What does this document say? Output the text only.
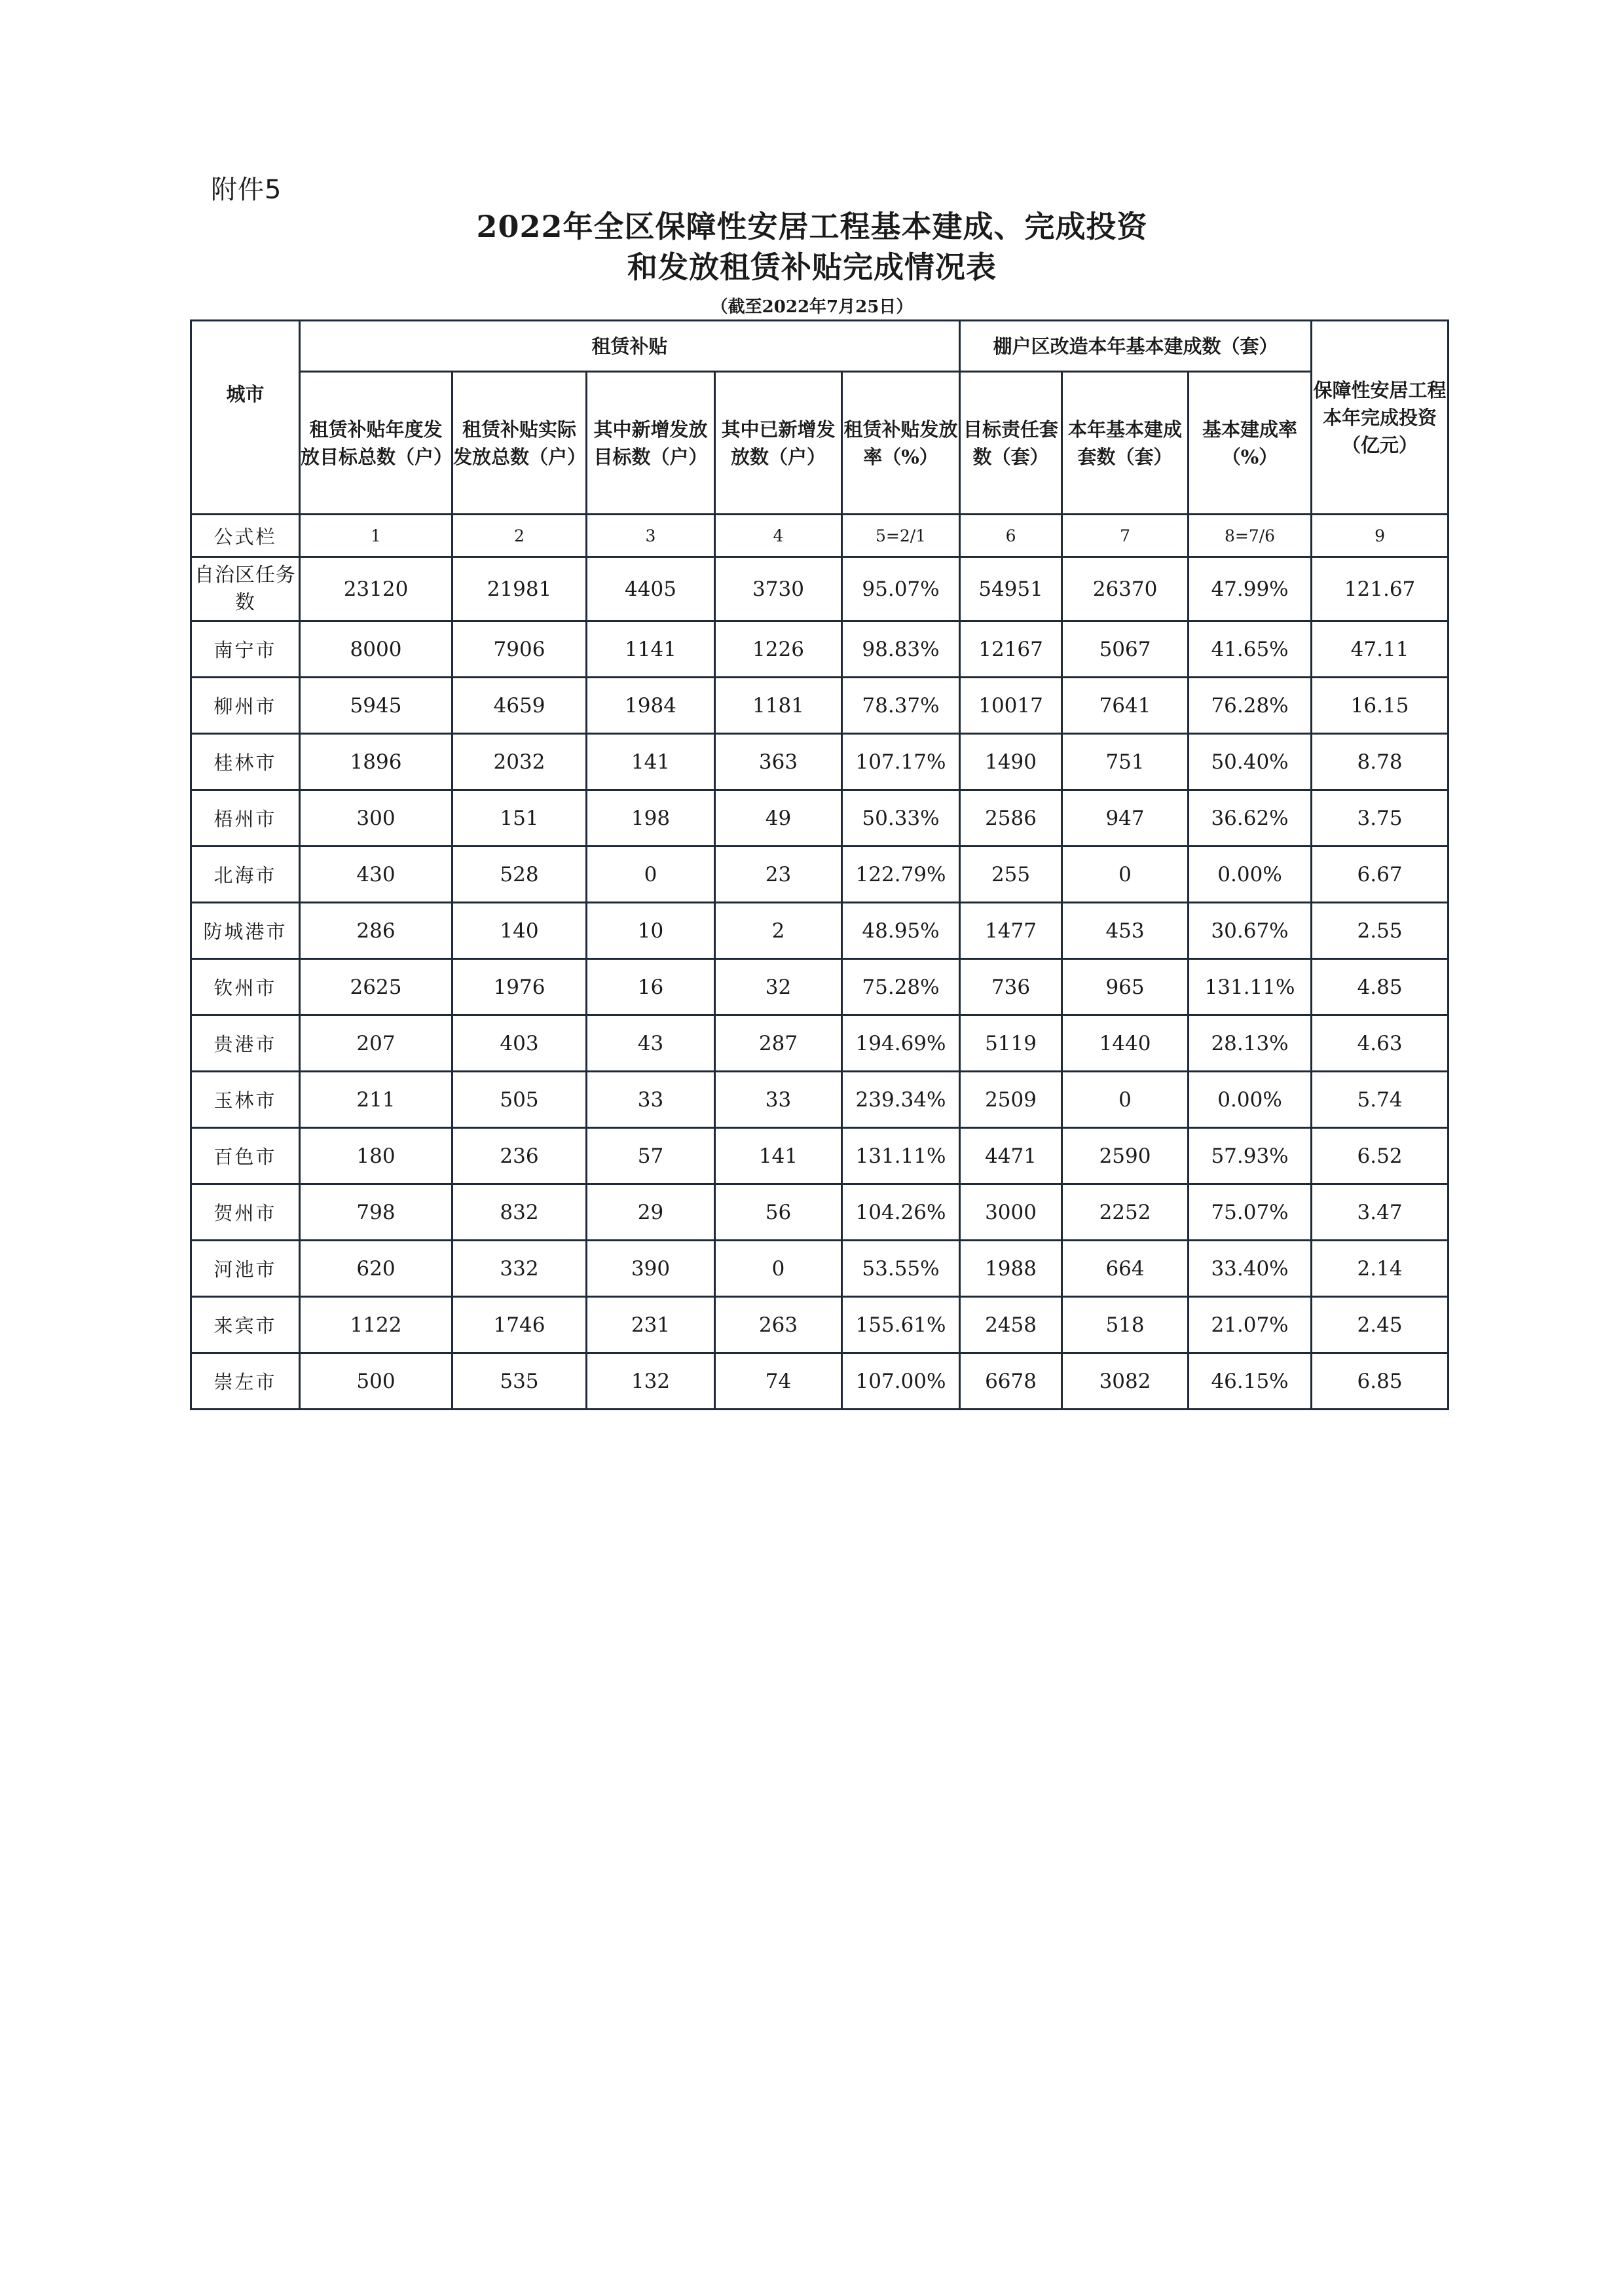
附件5
2022年全区保障性安居工程基本建成、完成投资
和发放租赁补贴完成情况表
（截至2022年7月25日）
城市	租赁补贴					棚户区改造本年基本建成数（套）			保障性安居工程本年完成投资（亿元）
	租赁补贴年度发放目标总数（户）	租赁补贴实际发放总数（户）	其中新增发放目标数（户）	其中已新增发放数（户）	租赁补贴发放率（%）	目标责任套数（套）	本年基本建成套数（套）	基本建成率（%）	
公式栏	1	2	3	4	5=2/1	6	7	8=7/6	9
自治区任务数	23120	21981	4405	3730	95.07%	54951	26370	47.99%	121.67
南宁市	8000	7906	1141	1226	98.83%	12167	5067	41.65%	47.11
柳州市	5945	4659	1984	1181	78.37%	10017	7641	76.28%	16.15
桂林市	1896	2032	141	363	107.17%	1490	751	50.40%	8.78
梧州市	300	151	198	49	50.33%	2586	947	36.62%	3.75
北海市	430	528	0	23	122.79%	255	0	0.00%	6.67
防城港市	286	140	10	2	48.95%	1477	453	30.67%	2.55
钦州市	2625	1976	16	32	75.28%	736	965	131.11%	4.85
贵港市	207	403	43	287	194.69%	5119	1440	28.13%	4.63
玉林市	211	505	33	33	239.34%	2509	0	0.00%	5.74
百色市	180	236	57	141	131.11%	4471	2590	57.93%	6.52
贺州市	798	832	29	56	104.26%	3000	2252	75.07%	3.47
河池市	620	332	390	0	53.55%	1988	664	33.40%	2.14
来宾市	1122	1746	231	263	155.61%	2458	518	21.07%	2.45
崇左市	500	535	132	74	107.00%	6678	3082	46.15%	6.85
